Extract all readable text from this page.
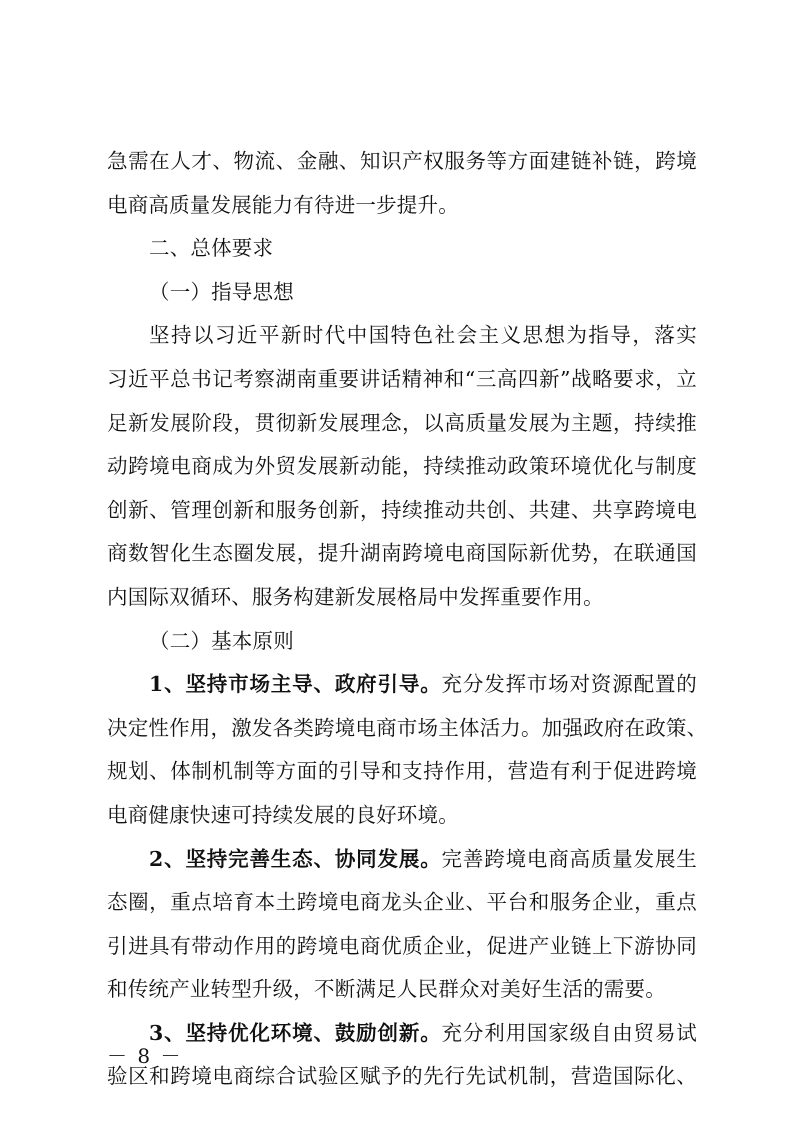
急需在人才、物流、金融、知识产权服务等方面建链补链，跨境
电商高质量发展能力有待进一步提升。
二、总体要求
（一）指导思想
坚持以习近平新时代中国特色社会主义思想为指导，落实
习近平总书记考察湖南重要讲话精神和“三高四新”战略要求，立
足新发展阶段，贯彻新发展理念，以高质量发展为主题，持续推
动跨境电商成为外贸发展新动能，持续推动政策环境优化与制度
创新、管理创新和服务创新，持续推动共创、共建、共享跨境电
商数智化生态圈发展，提升湖南跨境电商国际新优势，在联通国
内国际双循环、服务构建新发展格局中发挥重要作用。
（二）基本原则
1、坚持市场主导、政府引导。充分发挥市场对资源配置的
决定性作用，激发各类跨境电商市场主体活力。加强政府在政策、
规划、体制机制等方面的引导和支持作用，营造有利于促进跨境
电商健康快速可持续发展的良好环境。
2、坚持完善生态、协同发展。完善跨境电商高质量发展生
态圈，重点培育本土跨境电商龙头企业、平台和服务企业，重点
引进具有带动作用的跨境电商优质企业，促进产业链上下游协同
和传统产业转型升级，不断满足人民群众对美好生活的需要。
3、坚持优化环境、鼓励创新。充分利用国家级自由贸易试
验区和跨境电商综合试验区赋予的先行先试机制，营造国际化、
－ 8 －
